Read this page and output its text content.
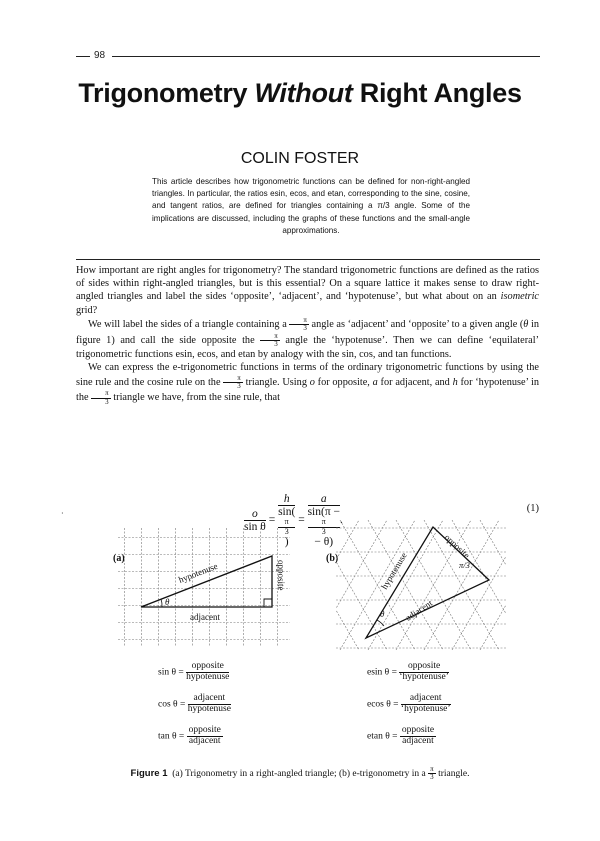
98
Trigonometry Without Right Angles
COLIN FOSTER
This article describes how trigonometric functions can be defined for non-right-angled triangles. In particular, the ratios esin, ecos, and etan, corresponding to the sine, cosine, and tangent ratios, are defined for triangles containing a π/3 angle. Some of the implications are discussed, including the graphs of these functions and the small-angle approximations.

How important are right angles for trigonometry? The standard trigonometric functions are defined as the ratios of sides within right-angled triangles, but is this essential? On a square lattice it makes sense to draw right-angled triangles and label the sides ‘opposite’, ‘adjacent’, and ‘hypotenuse’, but what about on an isometric grid?

We will label the sides of a triangle containing a $\frac{\pi}{3}$ angle as ‘adjacent’ and ‘opposite’ to a given angle (θ in figure 1) and call the side opposite the $\frac{\pi}{3}$ angle the ‘hypotenuse’. Then we can define ‘equilateral’ trigonometric functions esin, ecos, and etan by analogy with the sin, cos, and tan functions.

We can express the e-trigonometric functions in terms of the ordinary trigonometric functions by using the sine rule and the cosine rule on the $\frac{\pi}{3}$ triangle. Using o for opposite, a for adjacent, and h for ‘hypotenuse’ in the $\frac{\pi}{3}$ triangle we have, from the sine rule, that

·	$\frac{o}{\text{sin θ}} = h$
sin(
π
3
) = a
sin(π −
π
3
− θ) .
(1)
(a)	(b)
θ
hypotenuse	opposite
adjacent	θ
hypotenuse
opposite
adjacent
π/3
$\sin \theta = \frac{\text{opposite}}{\text{hypotenuse}}$
$\cos \theta = \frac{\text{adjacent}}{\text{hypotenuse}}$
$\tan \theta = \frac{\text{opposite}}{\text{adjacent}}$
esin $\theta = \frac{\text{opposite}}{\text{‘hypotenuse’}}$
ecos $\theta = \frac{\text{adjacent}}{\text{‘hypotenuse’}}$
etan $\theta = \frac{\text{opposite}}{\text{adjacent}}$
Figure 1 (a) Trigonometry in a right-angled triangle; (b) e-trigonometry in a $\frac{\pi}{3}$ triangle.
